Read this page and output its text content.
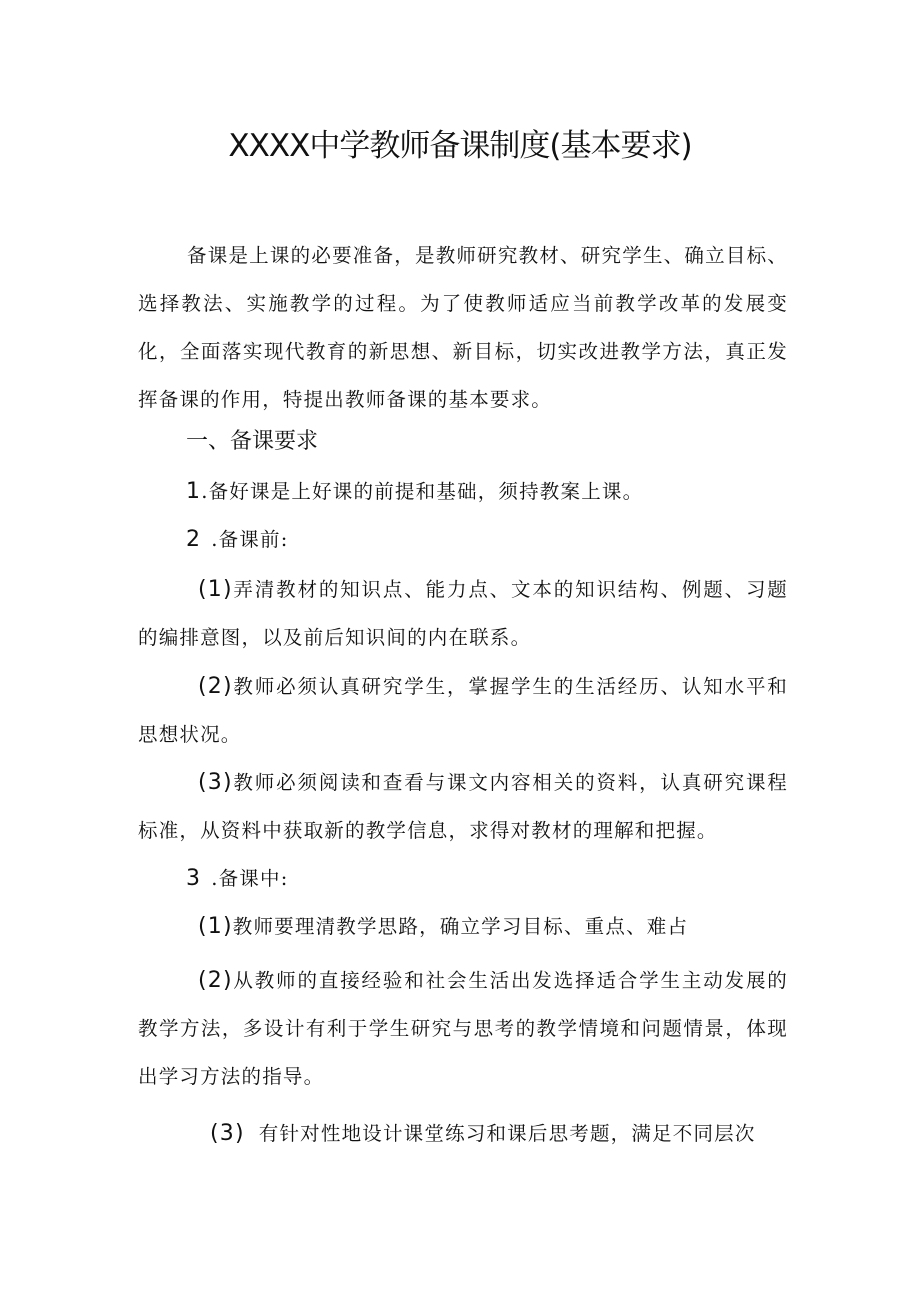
XXXX中学教师备课制度(基本要求)

备课是上课的必要准备，是教师研究教材、研究学生、确立目标、选择教法、实施教学的过程。为了使教师适应当前教学改革的发展变化，全面落实现代教育的新思想、新目标，切实改进教学方法，真正发挥备课的作用，特提出教师备课的基本要求。

一、备课要求

1.备好课是上好课的前提和基础，须持教案上课。

2 .备课前:

(1)弄清教材的知识点、能力点、文本的知识结构、例题、习题的编排意图，以及前后知识间的内在联系。

(2)教师必须认真研究学生，掌握学生的生活经历、认知水平和思想状况。

(3)教师必须阅读和查看与课文内容相关的资料，认真研究课程标准，从资料中获取新的教学信息，求得对教材的理解和把握。

3 .备课中:

(1)教师要理清教学思路，确立学习目标、重点、难占

(2)从教师的直接经验和社会生活出发选择适合学生主动发展的教学方法，多设计有利于学生研究与思考的教学情境和问题情景，体现出学习方法的指导。

(3) 有针对性地设计课堂练习和课后思考题，满足不同层次
